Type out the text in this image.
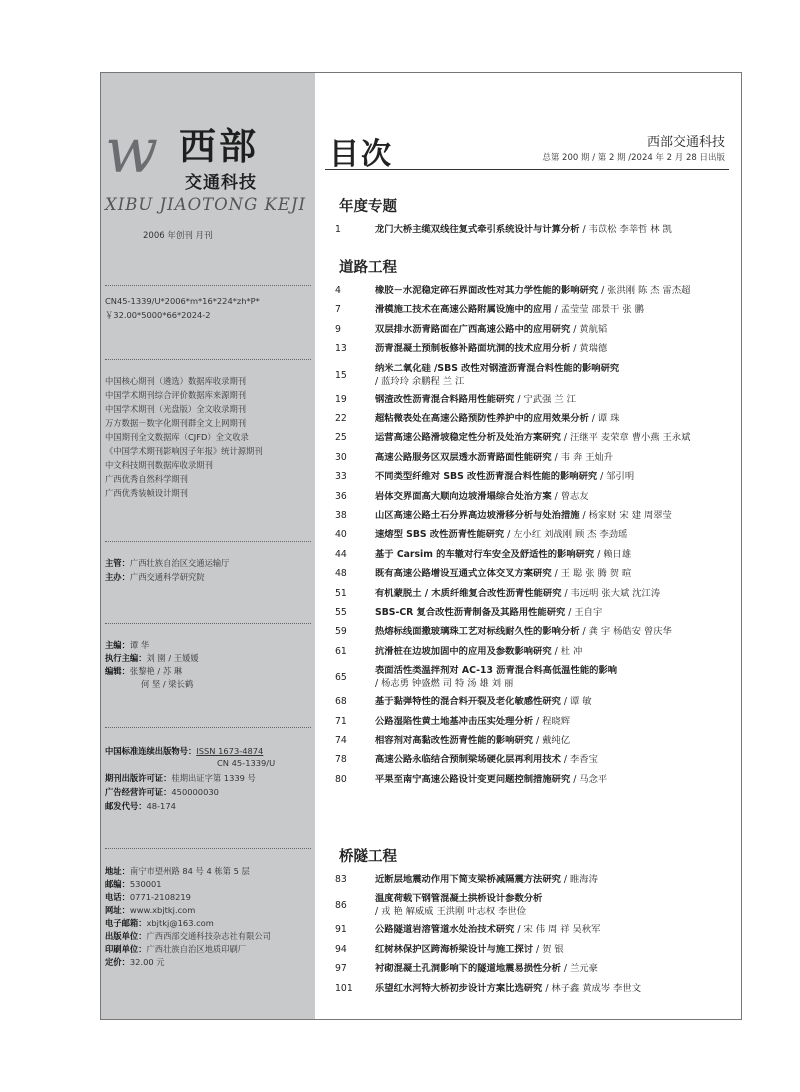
w 西部
交通科技
XIBU JIAOTONG KEJI
2006 年创刊 月刊
CN45-1339/U*2006*m*16*224*zh*P*
￥32.00*5000*66*2024-2
中国核心期刊（遴选）数据库收录期刊
中国学术期刊综合评价数据库来源期刊
中国学术期刊（光盘版）全文收录期刊
万方数据－数字化期刊群全文上网期刊
中国期刊全文数据库（CJFD）全文收录
《中国学术期刊影响因子年报》统计源期刊
中文科技期刊数据库收录期刊
广西优秀自然科学期刊
广西优秀装帧设计期刊
主管：广西壮族自治区交通运输厅
主办：广西交通科学研究院
主编：谭 华
执行主编：刘 園 / 王媛媛
编辑：张黎艳 / 苏 琳
何 坚 / 梁长鹤
中国标准连续出版物号：ISSN 1673-4874
CN 45-1339/U
期刊出版许可证：桂期出证字第 1339 号
广告经营许可证：450000030
邮发代号：48-174
地址：南宁市望州路 84 号 4 栋第 5 层
邮编：530001
电话：0771-2108219
网址：www.xbjtkj.com
电子邮箱：xbjtkj@163.com
出版单位：广西西部交通科技杂志社有限公司
印刷单位：广西壮族自治区地质印刷厂
定价：32.00 元
目次	西部交通科技
总第 200 期 / 第 2 期 /2024 年 2 月 28 日出版
年度专题
1	龙门大桥主缆双线往复式牵引系统设计与计算分析 / 韦苡松 李莘哲 林 凯
道路工程
4	橡胶－水泥稳定碎石界面改性对其力学性能的影响研究 / 张洪刚 陈 杰 雷杰超
7	滑模施工技术在高速公路附属设施中的应用 / 孟莹莹 邵景干 张 鹏
9	双层排水沥青路面在广西高速公路中的应用研究 / 黄航韬
13	沥青混凝土预制板修补路面坑洞的技术应用分析 / 黄瑞德
15
纳米二氧化硅 /SBS 改性对钢渣沥青混合料性能的影响研究
/ 蓝玲玲 余鹏程 兰 江
19	钢渣改性沥青混合料路用性能研究 / 宁武强 兰 江
22	超粘微表处在高速公路预防性养护中的应用效果分析 / 谭 珠
25	运营高速公路滑坡稳定性分析及处治方案研究 / 汪继平 麦荣章 曹小燕 王永斌
30	高速公路服务区双层透水沥青路面性能研究 / 韦 奔 王灿升
33	不同类型纤维对 SBS 改性沥青混合料性能的影响研究 / 邹引明
36	岩体交界面高大顺向边坡滑塌综合处治方案 / 曾志友
38	山区高速公路土石分界高边坡滑移分析与处治措施 / 杨家财 宋 建 周翠莹
40	速熔型 SBS 改性沥青性能研究 / 左小红 刘战刚 顾 杰 李劲瑶
44	基于 Carsim 的车辙对行车安全及舒适性的影响研究 / 赖日雄
48	既有高速公路增设互通式立体交叉方案研究 / 王 聪 张 腾 贺 暄
51	有机蒙脱土 / 木质纤维复合改性沥青性能研究 / 韦远明 张大斌 沈江涛
55	SBS-CR 复合改性沥青制备及其路用性能研究 / 王自宇
59	热熔标线面撒玻璃珠工艺对标线耐久性的影响分析 / 龚 宇 杨皓安 曾庆华
61	抗滑桩在边坡加固中的应用及参数影响研究 / 杜 冲
65
表面活性类温拌剂对 AC-13 沥青混合料高低温性能的影响
/ 杨志勇 钟盛燃 司 特 汤 雄 刘 丽
68	基于黏弹特性的混合料开裂及老化敏感性研究 / 谭 敏
71	公路湿陷性黄土地基冲击压实处理分析 / 程晓辉
74	相容剂对高黏改性沥青性能的影响研究 / 戴纯亿
78	高速公路永临结合预制梁场硬化层再利用技术 / 李香宝
80	平果至南宁高速公路设计变更问题控制措施研究 / 马念平
桥隧工程
83	近断层地震动作用下简支梁桥减隔震方法研究 / 睢海涛
86
温度荷载下钢管混凝土拱桥设计参数分析
/ 戎 艳 解威威 王洪刚 叶志权 李世俭
91	公路隧道岩溶管道水处治技术研究 / 宋 伟 周 祥 吴秋军
94	红树林保护区跨海桥梁设计与施工探讨 / 贺 银
97	衬砌混凝土孔洞影响下的隧道地震易损性分析 / 兰元豪
101	乐望红水河特大桥初步设计方案比选研究 / 林子鑫 黄成岑 李世文
